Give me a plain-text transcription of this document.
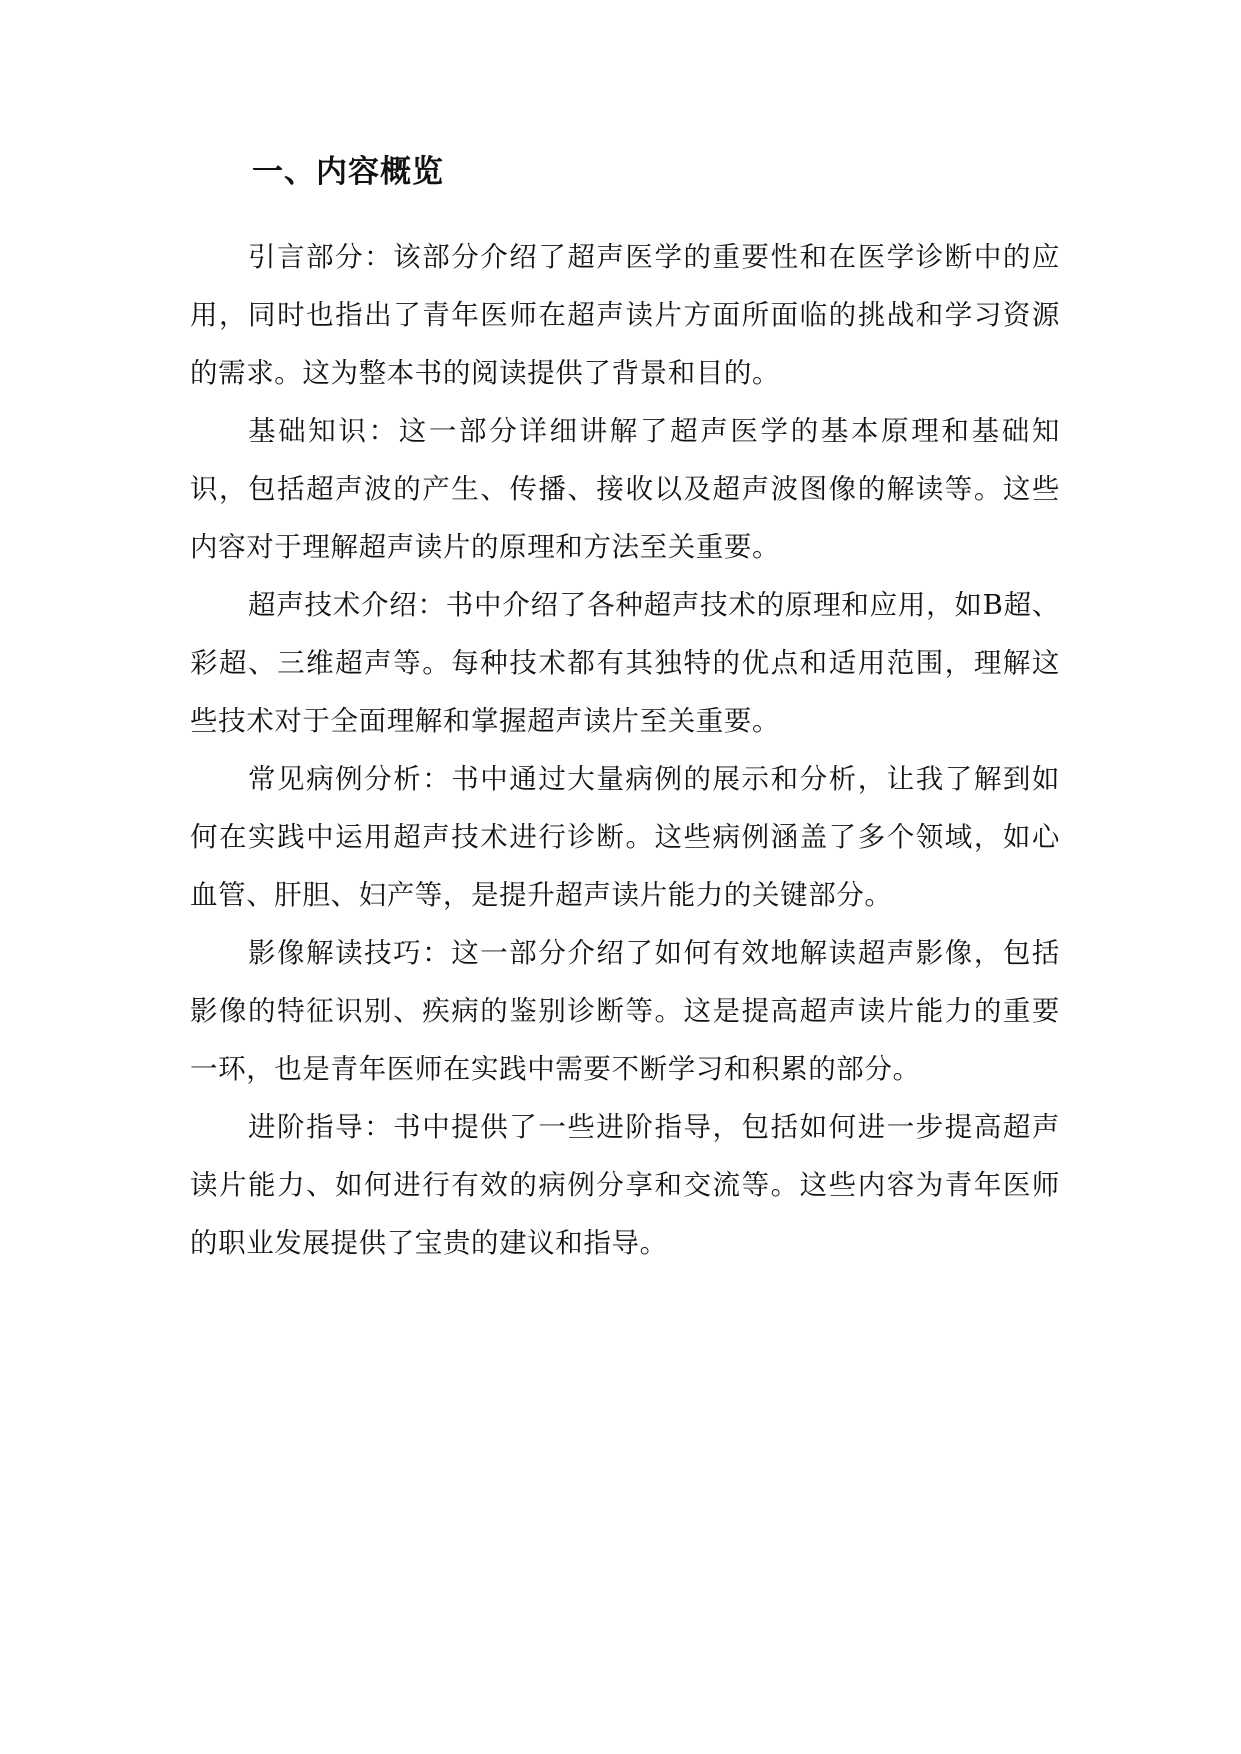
一、内容概览

引言部分：该部分介绍了超声医学的重要性和在医学诊断中的应用，同时也指出了青年医师在超声读片方面所面临的挑战和学习资源的需求。这为整本书的阅读提供了背景和目的。

基础知识：这一部分详细讲解了超声医学的基本原理和基础知识，包括超声波的产生、传播、接收以及超声波图像的解读等。这些内容对于理解超声读片的原理和方法至关重要。

超声技术介绍：书中介绍了各种超声技术的原理和应用，如B超、彩超、三维超声等。每种技术都有其独特的优点和适用范围，理解这些技术对于全面理解和掌握超声读片至关重要。

常见病例分析：书中通过大量病例的展示和分析，让我了解到如何在实践中运用超声技术进行诊断。这些病例涵盖了多个领域，如心血管、肝胆、妇产等，是提升超声读片能力的关键部分。

影像解读技巧：这一部分介绍了如何有效地解读超声影像，包括影像的特征识别、疾病的鉴别诊断等。这是提高超声读片能力的重要一环，也是青年医师在实践中需要不断学习和积累的部分。

进阶指导：书中提供了一些进阶指导，包括如何进一步提高超声读片能力、如何进行有效的病例分享和交流等。这些内容为青年医师的职业发展提供了宝贵的建议和指导。
